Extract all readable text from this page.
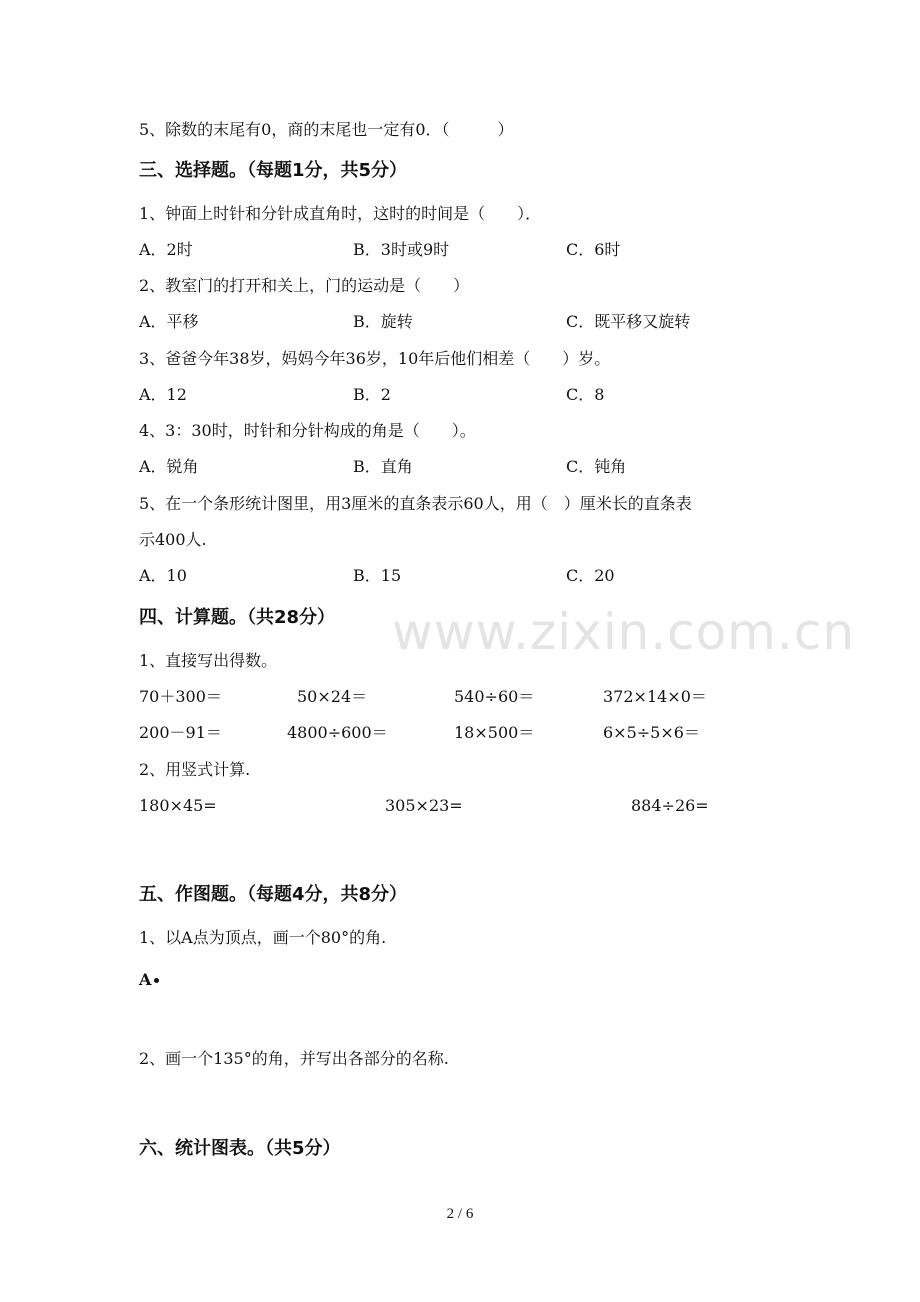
5、除数的末尾有0，商的末尾也一定有0．（　　　）
三、选择题。（每题1分，共5分）
1、钟面上时针和分针成直角时，这时的时间是（　　）．
A．2时	B．3时或9时	C．6时
2、教室门的打开和关上，门的运动是（　　）
A．平移	B．旋转	C．既平移又旋转
3、爸爸今年38岁，妈妈今年36岁，10年后他们相差（　　）岁。
A．12	B．2	C．8
4、3：30时，时针和分针构成的角是（　　）。
A．锐角	B．直角	C．钝角
5、在一个条形统计图里，用3厘米的直条表示60人，用（　）厘米长的直条表
示400人.
A．10	B．15	C．20
www.zixin.com.cn
四、计算题。（共28分）
1、直接写出得数。
70＋300＝	50×24＝	540÷60＝	372×14×0＝
200－91＝	4800÷600＝	18×500＝	6×5÷5×6＝
2、用竖式计算.
180×45=	305×23=	884÷26=
五、作图题。（每题4分，共8分）
1、以A点为顶点，画一个80°的角.
A
2、画一个135°的角，并写出各部分的名称.
六、统计图表。（共5分）
2 / 6
